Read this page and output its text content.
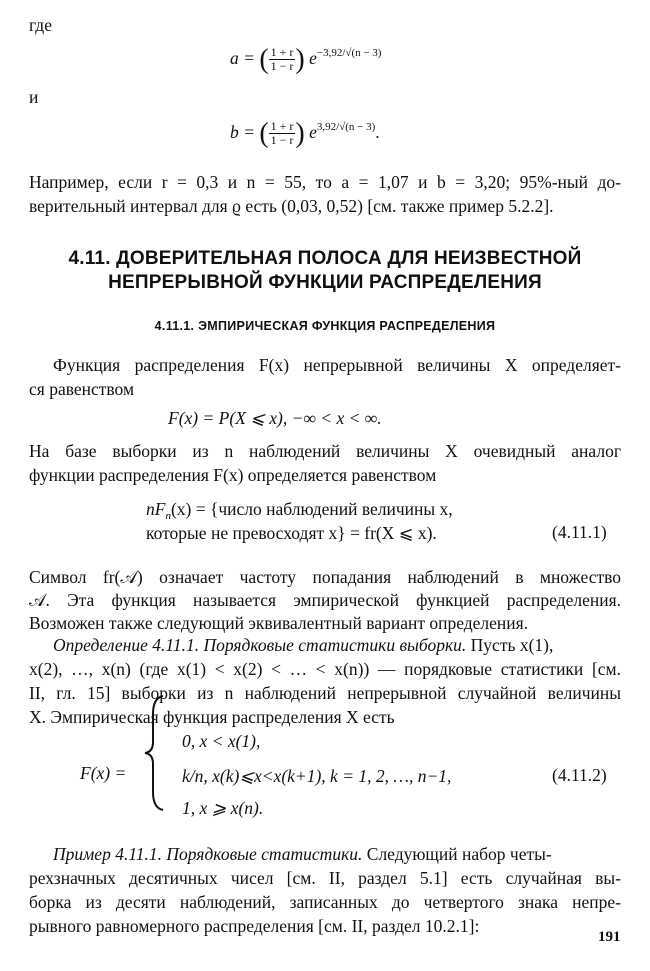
где
a = ( $\frac{1 + r}{1 - r}$ ) $e^{-3,92/√(n - 3)}$
и
b = ( $\frac{1 + r}{1 - r}$ ) $e^{3,92/√(n - 3)}$.
Например, если r = 0,3 и n = 55, то a = 1,07 и b = 3,20; 95%-ный до-
верительный интервал для ϱ есть (0,03, 0,52) [см. также пример 5.2.2].
4.11. ДОВЕРИТЕЛЬНАЯ ПОЛОСА ДЛЯ НЕИЗВЕСТНОЙ
НЕПРЕРЫВНОЙ ФУНКЦИИ РАСПРЕДЕЛЕНИЯ
4.11.1. ЭМПИРИЧЕСКАЯ ФУНКЦИЯ РАСПРЕДЕЛЕНИЯ
Функция распределения F(x) непрерывной величины X определяет-
ся равенством
F(x) = P(X ⩽ x), −∞ < x < ∞.
На базе выборки из n наблюдений величины X очевидный аналог
функции распределения F(x) определяется равенством
$nF_n(x)$ = {число наблюдений величины x,
которые не превосходят x} = fr(X ⩽ x).	(4.11.1)
Символ fr(𝒜) означает частоту попадания наблюдений в множество
𝒜. Эта функция называется эмпирической функцией распределения.
Возможен также следующий эквивалентный вариант определения.
Определение 4.11.1. Порядковые статистики выборки. Пусть x(1),
x(2), …, x(n) (где x(1) < x(2) < … < x(n)) — порядковые статистики [см.
II, гл. 15] выборки из n наблюдений непрерывной случайной величины
X. Эмпирическая функция распределения X есть
F(x) =
0, x < x(1),
k/n, x(k)⩽x<x(k+1), k = 1, 2, …, n−1,
1, x ⩾ x(n).
(4.11.2)
Пример 4.11.1. Порядковые статистики. Следующий набор четы-
рехзначных десятичных чисел [см. II, раздел 5.1] есть случайная вы-
борка из десяти наблюдений, записанных до четвертого знака непре-
рывного равномерного распределения [см. II, раздел 10.2.1]:
191
